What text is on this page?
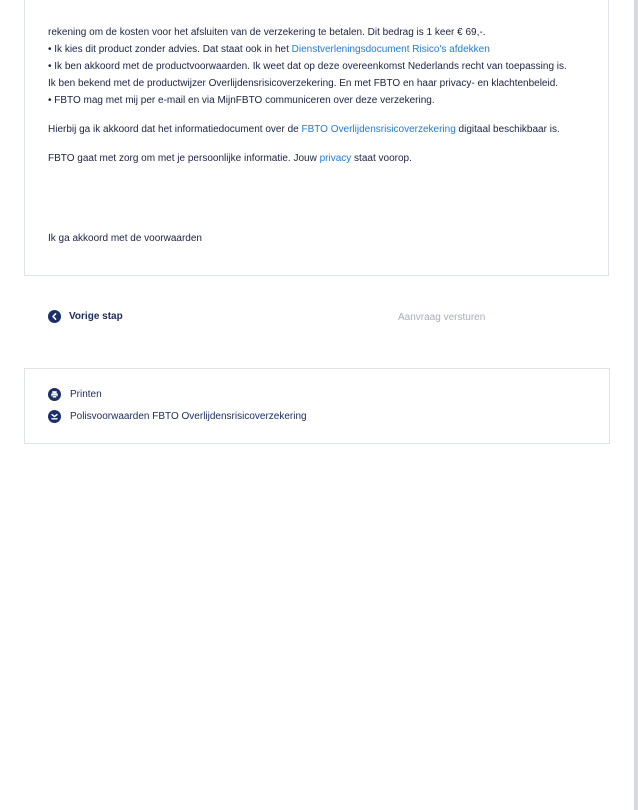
rekening om de kosten voor het afsluiten van de verzekering te betalen. Dit bedrag is 1 keer € 69,-.

• Ik kies dit product zonder advies. Dat staat ook in het Dienstverleningsdocument Risico's afdekken

• Ik ben akkoord met de productvoorwaarden. Ik weet dat op deze overeenkomst Nederlands recht van toepassing is. Ik ben bekend met de productwijzer Overlijdensrisicoverzekering. En met FBTO en haar privacy- en klachtenbeleid.

• FBTO mag met mij per e-mail en via MijnFBTO communiceren over deze verzekering.

Hierbij ga ik akkoord dat het informatiedocument over de FBTO Overlijdensrisicoverzekering digitaal beschikbaar is.

FBTO gaat met zorg om met je persoonlijke informatie. Jouw privacy staat voorop.

Ik ga akkoord met de voorwaarden
Vorige stap	Aanvraag versturen
Printen
Polisvoorwaarden FBTO Overlijdensrisicoverzekering
